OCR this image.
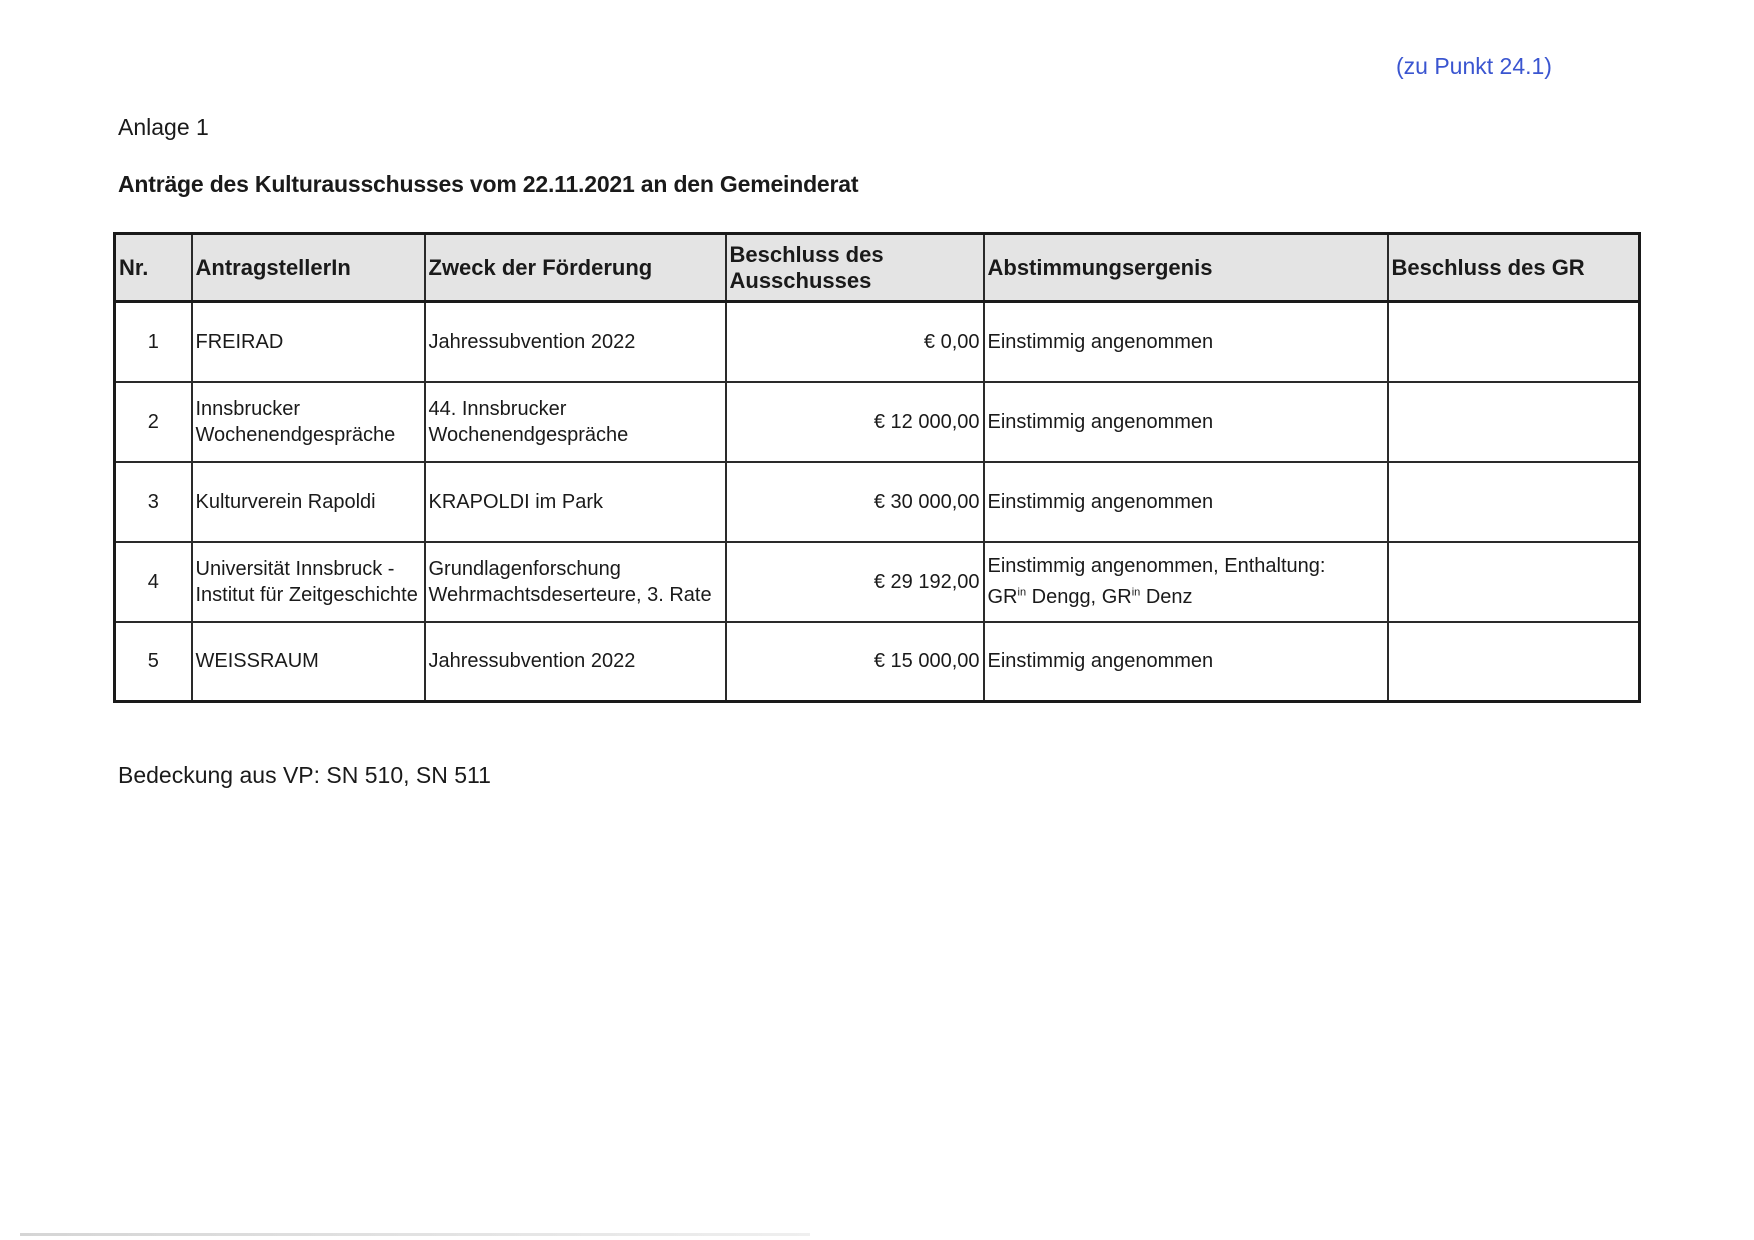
(zu Punkt 24.1)
Anlage 1
Anträge des Kulturausschusses vom 22.11.2021 an den Gemeinderat
Nr.	AntragstellerIn	Zweck der Förderung	Beschluss des Ausschusses	Abstimmungsergenis	Beschluss des GR
1	FREIRAD	Jahressubvention 2022	€ 0,00	Einstimmig angenommen	
2	Innsbrucker Wochenendgespräche	44. Innsbrucker Wochenendgespräche	€ 12 000,00	Einstimmig angenommen	
3	Kulturverein Rapoldi	KRAPOLDI im Park	€ 30 000,00	Einstimmig angenommen	
4	Universität Innsbruck - Institut für Zeitgeschichte	Grundlagenforschung Wehrmachtsdeserteure, 3. Rate	€ 29 192,00	Einstimmig angenommen, Enthaltung:
$GR^{in}$ Dengg, $GR^{in}$ Denz	
5	WEISSRAUM	Jahressubvention 2022	€ 15 000,00	Einstimmig angenommen	
Bedeckung aus VP: SN 510, SN 511
